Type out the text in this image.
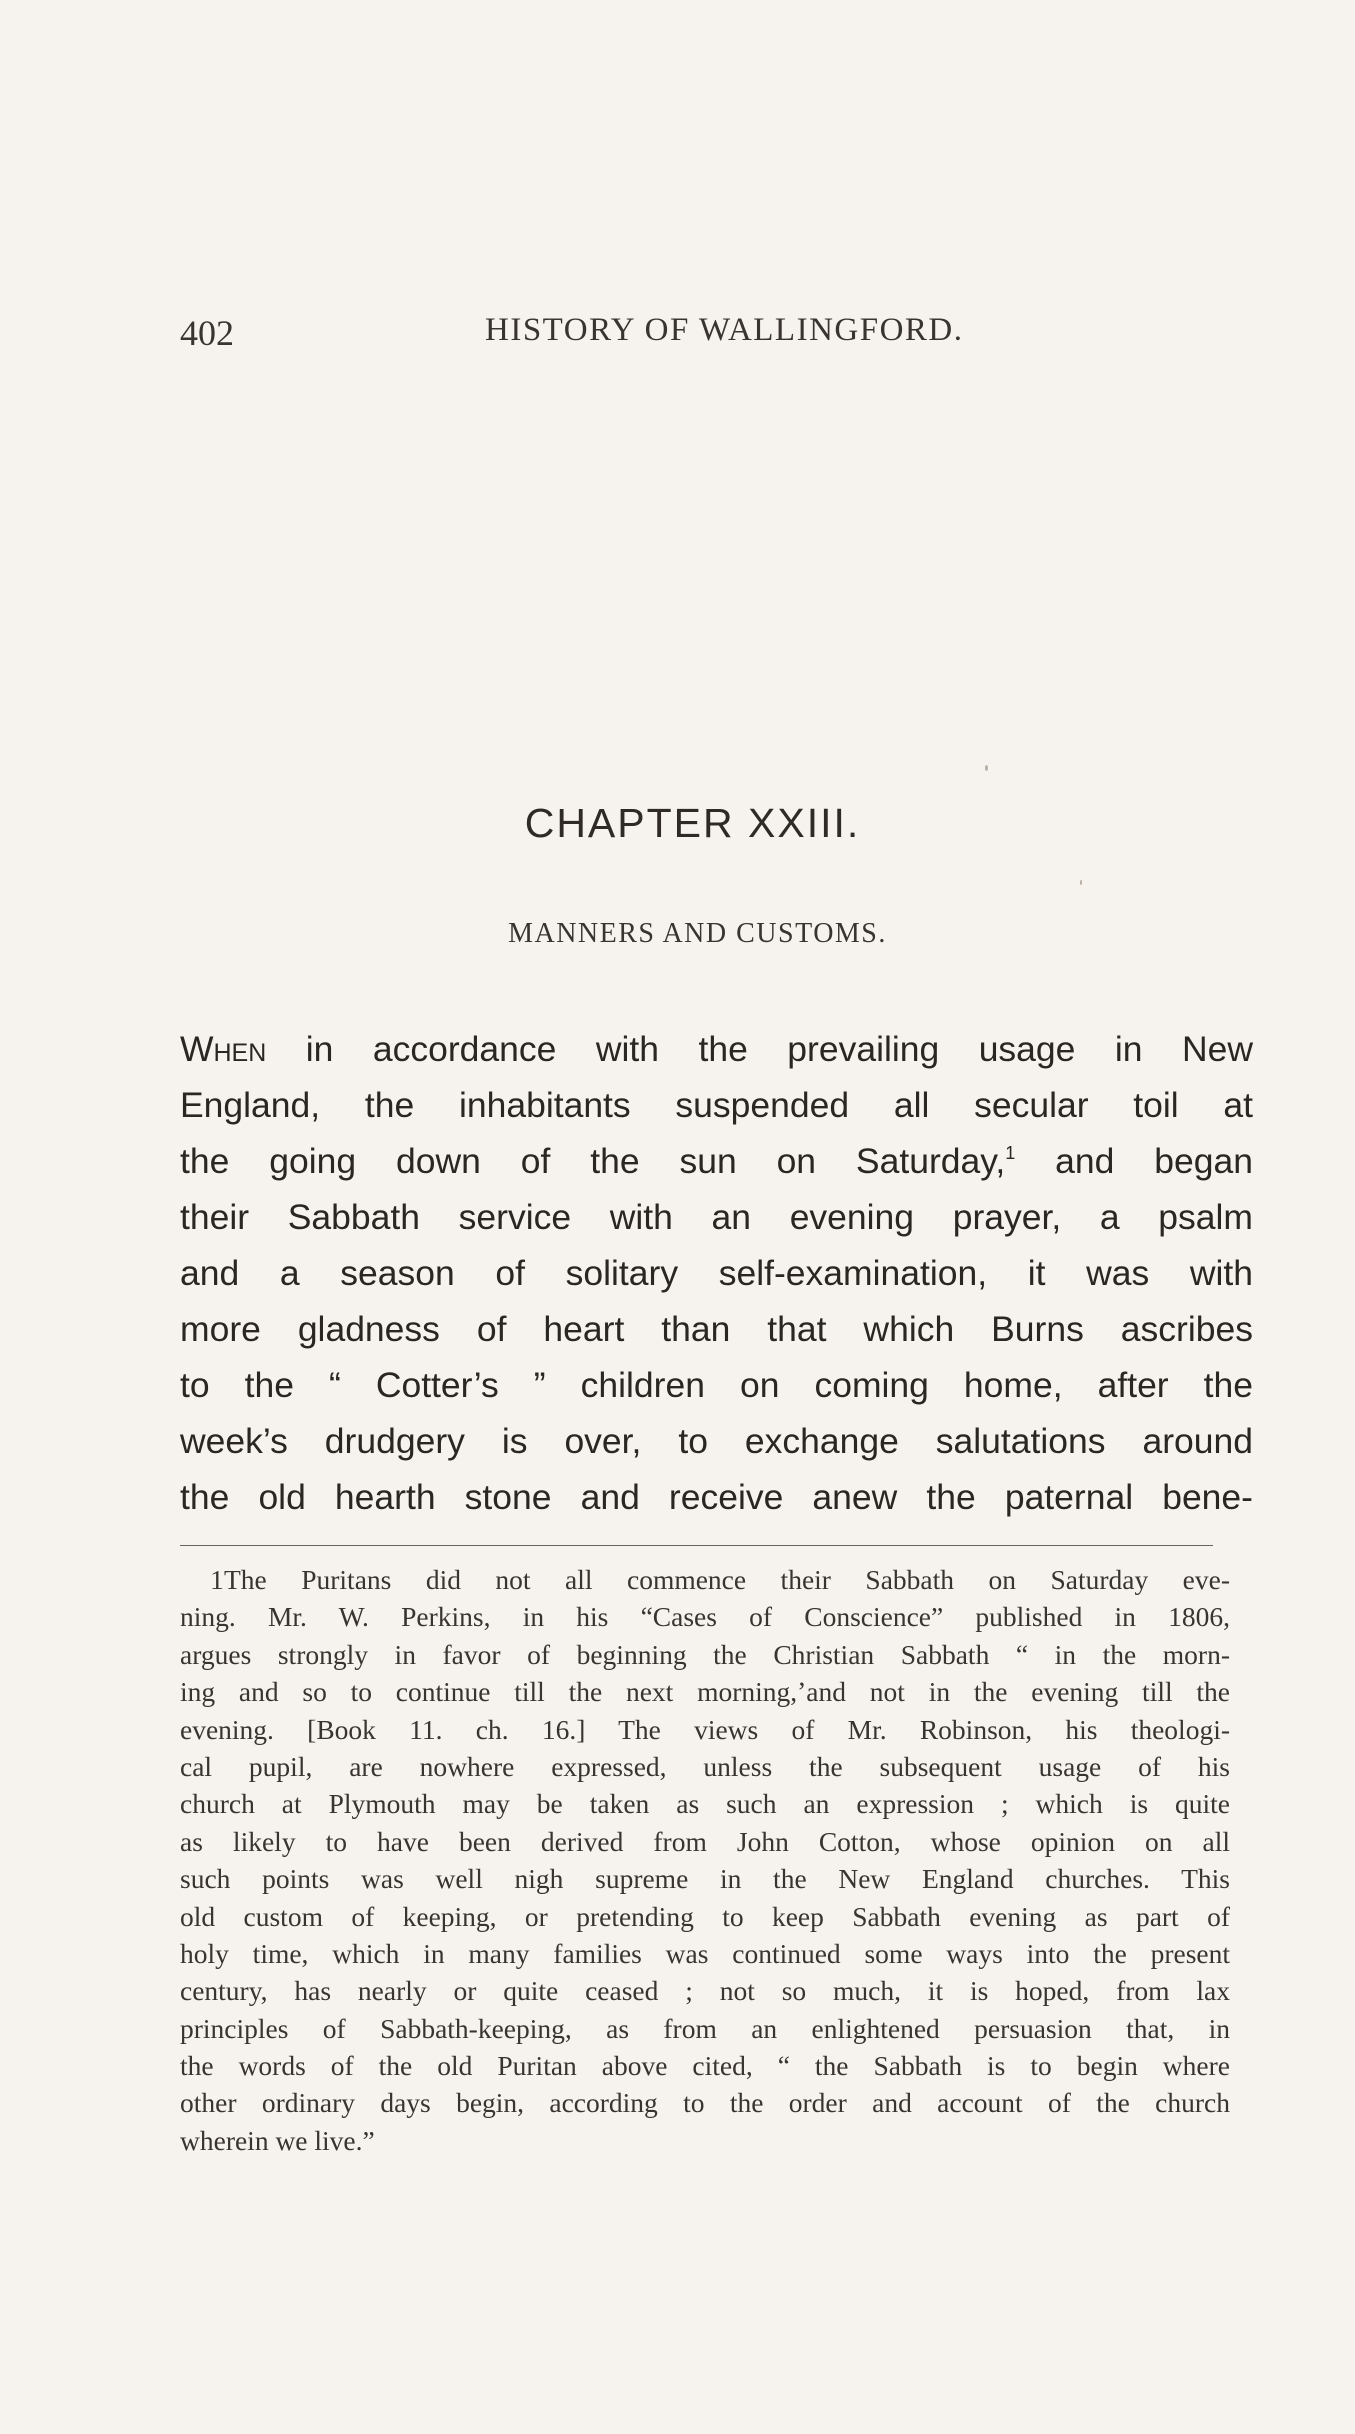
402	HISTORY OF WALLINGFORD.
CHAPTER XXIII.
MANNERS AND CUSTOMS.
When in accordance with the prevailing usage in New
England, the inhabitants suspended all secular toil at
the going down of the sun on Saturday,$^1$ and began
their Sabbath service with an evening prayer, a psalm
and a season of solitary self-examination, it was with
more gladness of heart than that which Burns ascribes
to the “ Cotter’s ” children on coming home, after the
week’s drudgery is over, to exchange salutations around
the old hearth stone and receive anew the paternal bene-
1 The Puritans did not all commence their Sabbath on Saturday eve-
ning. Mr. W. Perkins, in his “Cases of Conscience” published in 1806,
argues strongly in favor of beginning the Christian Sabbath “ in the morn-
ing and so to continue till the next morning,ʼand not in the evening till the
evening. [Book 11. ch. 16.] The views of Mr. Robinson, his theologi-
cal pupil, are nowhere expressed, unless the subsequent usage of his
church at Plymouth may be taken as such an expression ; which is quite
as likely to have been derived from John Cotton, whose opinion on all
such points was well nigh supreme in the New England churches. This
old custom of keeping, or pretending to keep Sabbath evening as part of
holy time, which in many families was continued some ways into the present
century, has nearly or quite ceased ; not so much, it is hoped, from lax
principles of Sabbath-keeping, as from an enlightened persuasion that, in
the words of the old Puritan above cited, “ the Sabbath is to begin where
other ordinary days begin, according to the order and account of the church
wherein we live.”
